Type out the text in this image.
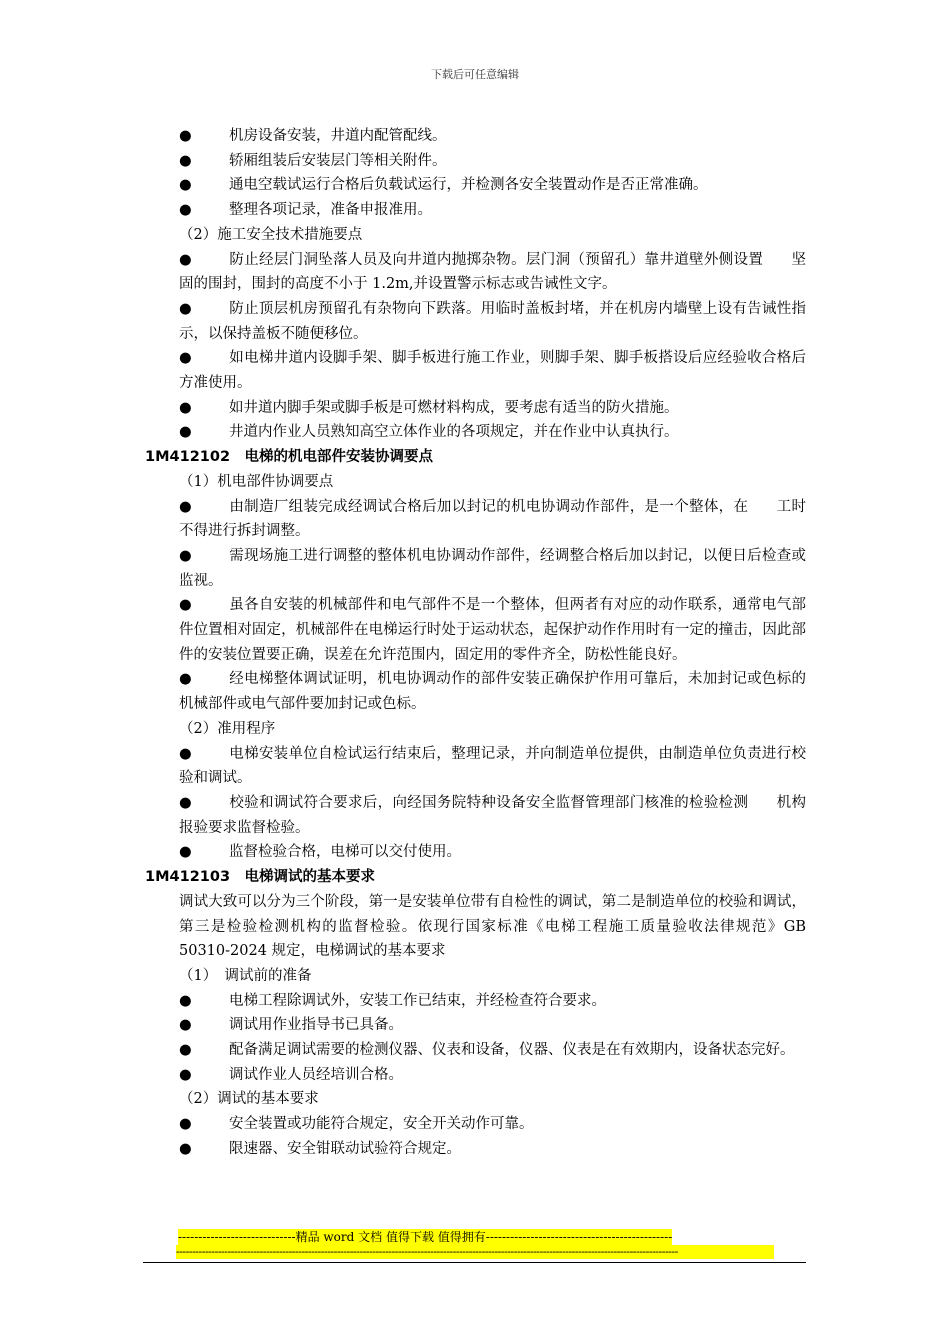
下载后可任意编辑
●	机房设备安装，井道内配管配线。
●	轿厢组装后安装层门等相关附件。
●	通电空载试运行合格后负载试运行，并检测各安全装置动作是否正常准确。
●	整理各项记录，准备申报准用。
（2）施工安全技术措施要点
●	防止经层门洞坠落人员及向井道内抛掷杂物。层门洞（预留孔）靠井道壁外侧设置 坚固的围封，围封的高度不小于 1.2m,并设置警示标志或告诫性文字。
●	防止顶层机房预留孔有杂物向下跌落。用临时盖板封堵，并在机房内墙壁上设有告诫性指示，以保持盖板不随便移位。
●	如电梯井道内设脚手架、脚手板进行施工作业，则脚手架、脚手板搭设后应经验收合格后方准使用。
●	如井道内脚手架或脚手板是可燃材料构成，要考虑有适当的防火措施。
●	井道内作业人员熟知高空立体作业的各项规定，并在作业中认真执行。
1M412102　电梯的机电部件安装协调要点
（1）机电部件协调要点
●	由制造厂组装完成经调试合格后加以封记的机电协调动作部件，是一个整体，在 工时不得进行拆封调整。
●	需现场施工进行调整的整体机电协调动作部件，经调整合格后加以封记，以便日后检查或监视。
●	虽各自安装的机械部件和电气部件不是一个整体，但两者有对应的动作联系，通常电气部件位置相对固定，机械部件在电梯运行时处于运动状态，起保护动作作用时有一定的撞击，因此部件的安装位置要正确，误差在允许范围内，固定用的零件齐全，防松性能良好。
●	经电梯整体调试证明，机电协调动作的部件安装正确保护作用可靠后，未加封记或色标的机械部件或电气部件要加封记或色标。
（2）准用程序
●	电梯安装单位自检试运行结束后，整理记录，并向制造单位提供，由制造单位负责进行校验和调试。
●	校验和调试符合要求后，向经国务院特种设备安全监督管理部门核准的检验检测 机构报验要求监督检验。
●	监督检验合格，电梯可以交付使用。
1M412103　电梯调试的基本要求
调试大致可以分为三个阶段，第一是安装单位带有自检性的调试，第二是制造单位的校验和调试，第三是检验检测机构的监督检验。依现行国家标准《电梯工程施工质量验收法律规范》GB 50310-2024 规定，电梯调试的基本要求
（1）　调试前的准备
●	电梯工程除调试外，安装工作已结束，并经检查符合要求。
●	调试用作业指导书已具备。
●	配备满足调试需要的检测仪器、仪表和设备，仪器、仪表是在有效期内，设备状态完好。
●	调试作业人员经培训合格。
（2）调试的基本要求
●	安全装置或功能符合规定，安全开关动作可靠。
●	限速器、安全钳联动试验符合规定。
-----------------------------精品 word 文档 值得下载 值得拥有----------------------------------------------
------------------------------------------------------------------------------------------------------------------------------------------------------------
